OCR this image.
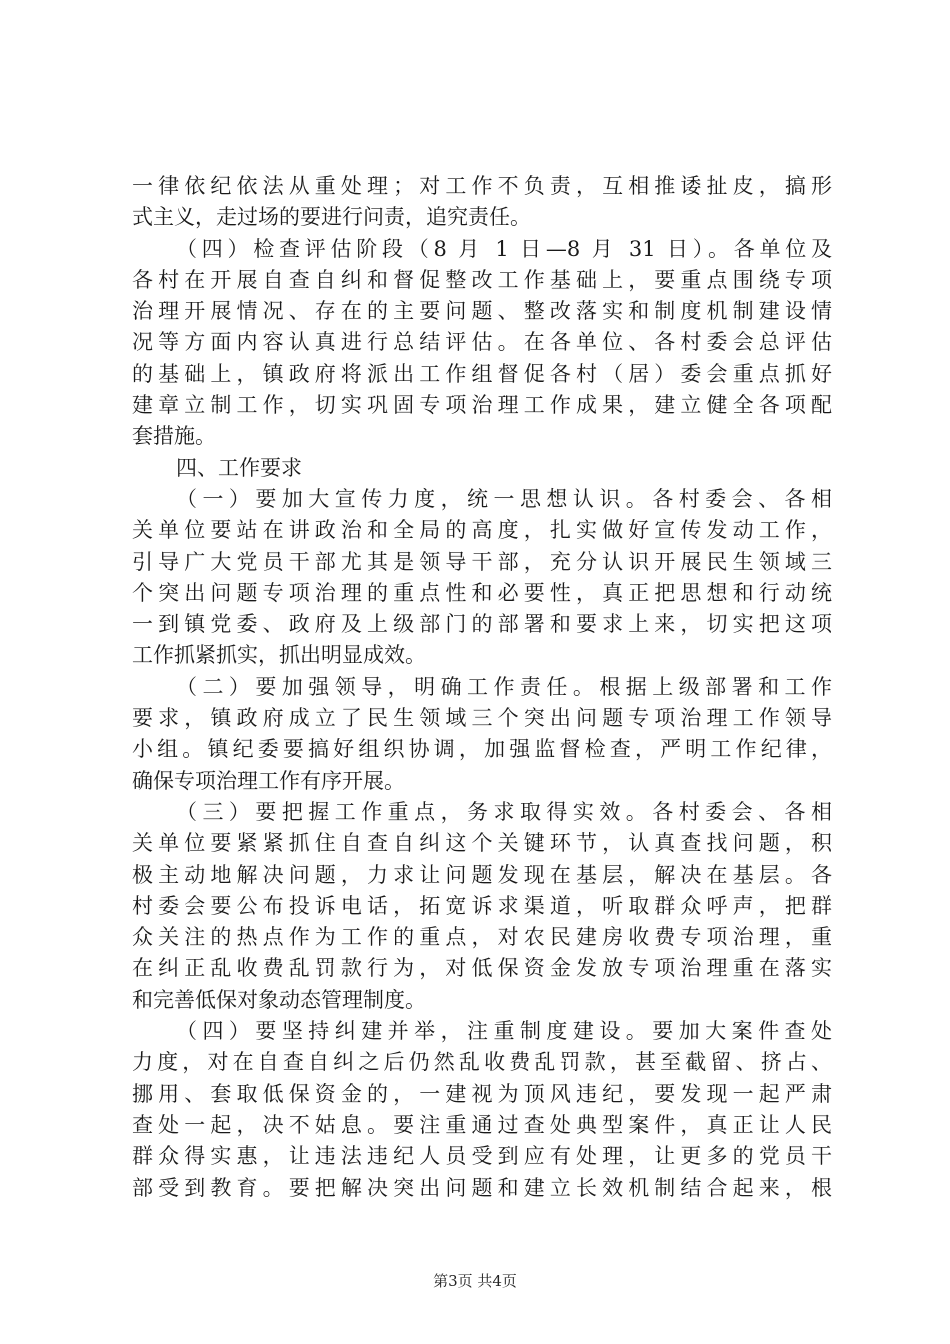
一律依纪依法从重处理；对工作不负责，互相推诿扯皮，搞形
式主义，走过场的要进行问责，追究责任。
（四）检查评估阶段（8 月 1 日—8 月 31 日）。各单位及
各村在开展自查自纠和督促整改工作基础上，要重点围绕专项
治理开展情况、存在的主要问题、整改落实和制度机制建设情
况等方面内容认真进行总结评估。在各单位、各村委会总评估
的基础上，镇政府将派出工作组督促各村（居）委会重点抓好
建章立制工作，切实巩固专项治理工作成果，建立健全各项配
套措施。
四、工作要求
（一）要加大宣传力度，统一思想认识。各村委会、各相
关单位要站在讲政治和全局的高度，扎实做好宣传发动工作，
引导广大党员干部尤其是领导干部，充分认识开展民生领域三
个突出问题专项治理的重点性和必要性，真正把思想和行动统
一到镇党委、政府及上级部门的部署和要求上来，切实把这项
工作抓紧抓实，抓出明显成效。
（二）要加强领导，明确工作责任。根据上级部署和工作
要求，镇政府成立了民生领域三个突出问题专项治理工作领导
小组。镇纪委要搞好组织协调，加强监督检查，严明工作纪律，
确保专项治理工作有序开展。
（三）要把握工作重点，务求取得实效。各村委会、各相
关单位要紧紧抓住自查自纠这个关键环节，认真查找问题，积
极主动地解决问题，力求让问题发现在基层，解决在基层。各
村委会要公布投诉电话，拓宽诉求渠道，听取群众呼声，把群
众关注的热点作为工作的重点，对农民建房收费专项治理，重
在纠正乱收费乱罚款行为，对低保资金发放专项治理重在落实
和完善低保对象动态管理制度。
（四）要坚持纠建并举，注重制度建设。要加大案件查处
力度，对在自查自纠之后仍然乱收费乱罚款，甚至截留、挤占、
挪用、套取低保资金的，一建视为顶风违纪，要发现一起严肃
查处一起，决不姑息。要注重通过查处典型案件，真正让人民
群众得实惠，让违法违纪人员受到应有处理，让更多的党员干
部受到教育。要把解决突出问题和建立长效机制结合起来，根
第3页 共4页
